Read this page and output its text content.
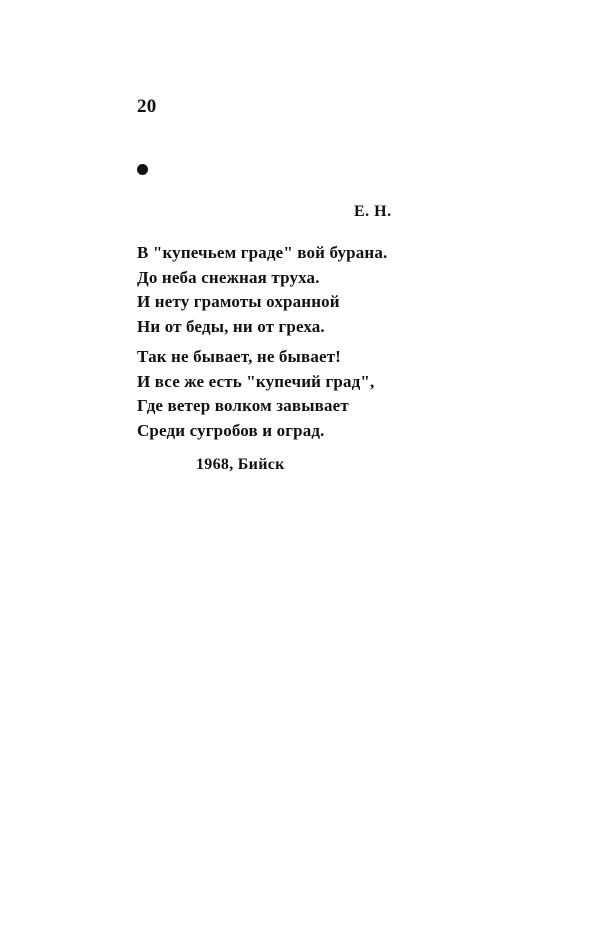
20
Е. Н.
В "купечьем граде" вой бурана.
До неба снежная труха.
И нету грамоты охранной
Ни от беды, ни от греха.
Так не бывает, не бывает!
И все же есть "купечий град",
Где ветер волком завывает
Среди сугробов и оград.
1968, Бийск
